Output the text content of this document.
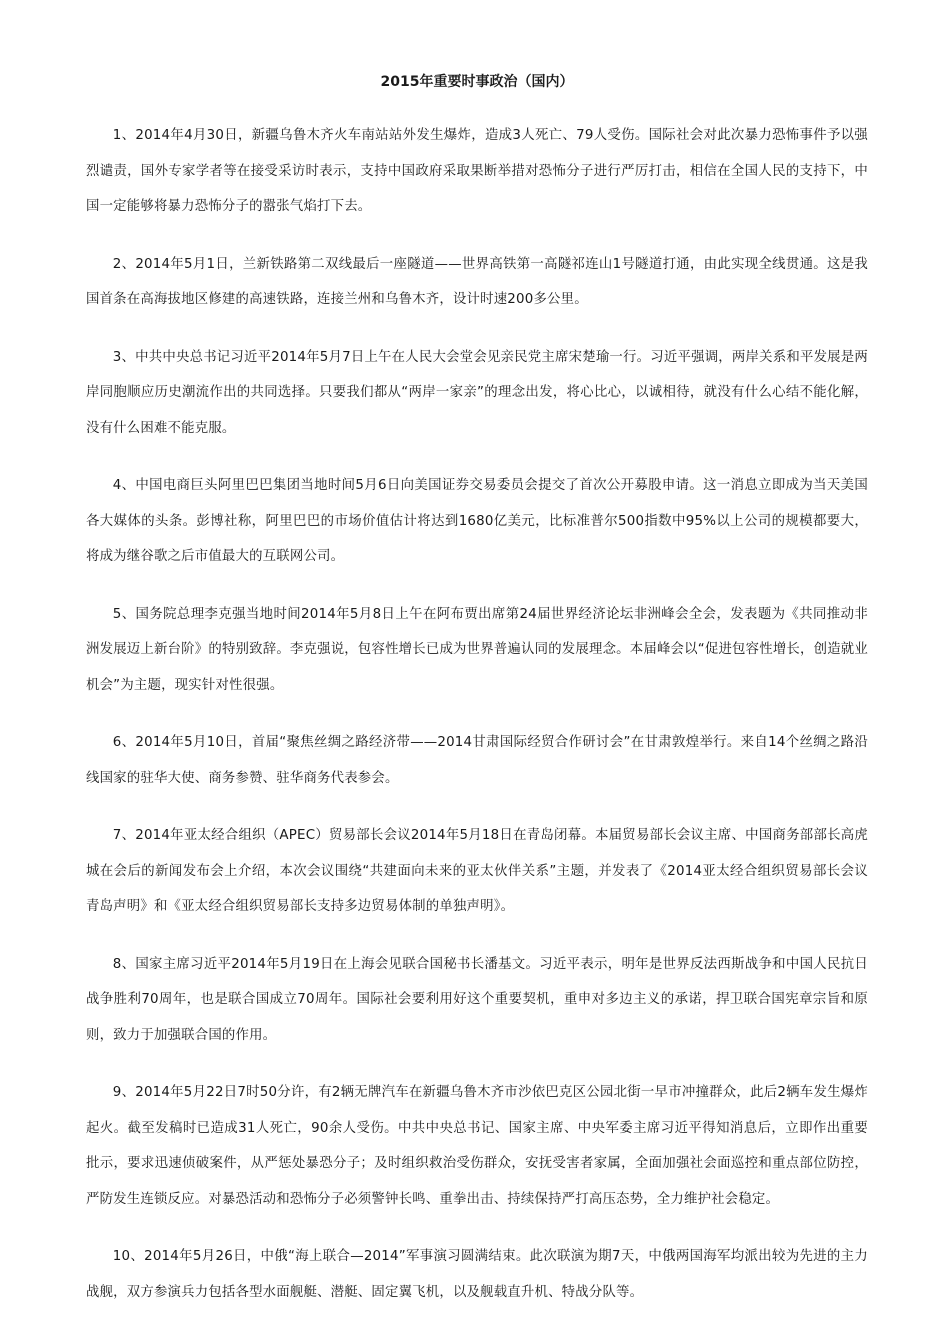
2015年重要时事政治（国内）

1、2014年4月30日，新疆乌鲁木齐火车南站站外发生爆炸，造成3人死亡、79人受伤。国际社会对此次暴力恐怖事件予以强烈谴责，国外专家学者等在接受采访时表示，支持中国政府采取果断举措对恐怖分子进行严厉打击，相信在全国人民的支持下，中国一定能够将暴力恐怖分子的嚣张气焰打下去。

2、2014年5月1日，兰新铁路第二双线最后一座隧道——世界高铁第一高隧祁连山1号隧道打通，由此实现全线贯通。这是我国首条在高海拔地区修建的高速铁路，连接兰州和乌鲁木齐，设计时速200多公里。

3、中共中央总书记习近平2014年5月7日上午在人民大会堂会见亲民党主席宋楚瑜一行。习近平强调，两岸关系和平发展是两岸同胞顺应历史潮流作出的共同选择。只要我们都从“两岸一家亲”的理念出发，将心比心，以诚相待，就没有什么心结不能化解，没有什么困难不能克服。

4、中国电商巨头阿里巴巴集团当地时间5月6日向美国证券交易委员会提交了首次公开募股申请。这一消息立即成为当天美国各大媒体的头条。彭博社称，阿里巴巴的市场价值估计将达到1680亿美元，比标准普尔500指数中95%以上公司的规模都要大，将成为继谷歌之后市值最大的互联网公司。

5、国务院总理李克强当地时间2014年5月8日上午在阿布贾出席第24届世界经济论坛非洲峰会全会，发表题为《共同推动非洲发展迈上新台阶》的特别致辞。李克强说，包容性增长已成为世界普遍认同的发展理念。本届峰会以“促进包容性增长，创造就业机会”为主题，现实针对性很强。

6、2014年5月10日，首届“聚焦丝绸之路经济带——2014甘肃国际经贸合作研讨会”在甘肃敦煌举行。来自14个丝绸之路沿线国家的驻华大使、商务参赞、驻华商务代表参会。

7、2014年亚太经合组织（APEC）贸易部长会议2014年5月18日在青岛闭幕。本届贸易部长会议主席、中国商务部部长高虎城在会后的新闻发布会上介绍，本次会议围绕“共建面向未来的亚太伙伴关系”主题，并发表了《2014亚太经合组织贸易部长会议青岛声明》和《亚太经合组织贸易部长支持多边贸易体制的单独声明》。

8、国家主席习近平2014年5月19日在上海会见联合国秘书长潘基文。习近平表示，明年是世界反法西斯战争和中国人民抗日战争胜利70周年，也是联合国成立70周年。国际社会要利用好这个重要契机，重申对多边主义的承诺，捍卫联合国宪章宗旨和原则，致力于加强联合国的作用。

9、2014年5月22日7时50分许，有2辆无牌汽车在新疆乌鲁木齐市沙依巴克区公园北街一早市冲撞群众，此后2辆车发生爆炸起火。截至发稿时已造成31人死亡，90余人受伤。中共中央总书记、国家主席、中央军委主席习近平得知消息后，立即作出重要批示，要求迅速侦破案件，从严惩处暴恐分子；及时组织救治受伤群众，安抚受害者家属，全面加强社会面巡控和重点部位防控，严防发生连锁反应。对暴恐活动和恐怖分子必须警钟长鸣、重拳出击、持续保持严打高压态势，全力维护社会稳定。

10、2014年5月26日，中俄“海上联合—2014”军事演习圆满结束。此次联演为期7天，中俄两国海军均派出较为先进的主力战舰，双方参演兵力包括各型水面舰艇、潜艇、固定翼飞机，以及舰载直升机、特战分队等。
